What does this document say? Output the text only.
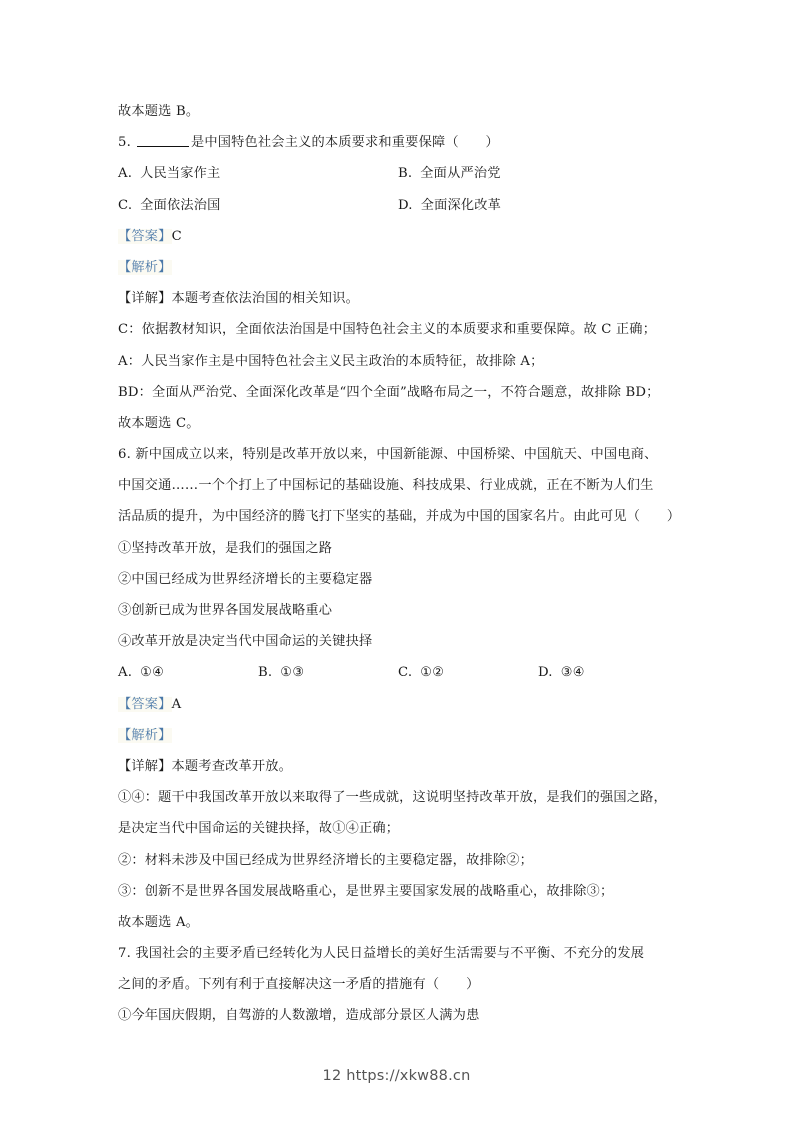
故本题选 B。
5.	是中国特色社会主义的本质要求和重要保障（　　）
A. 人民当家作主	B. 全面从严治党
C. 全面依法治国	D. 全面深化改革
【答案】C
【解析】
【详解】本题考查依法治国的相关知识。
C：依据教材知识，全面依法治国是中国特色社会主义的本质要求和重要保障。故 C 正确；
A：人民当家作主是中国特色社会主义民主政治的本质特征，故排除 A；
BD：全面从严治党、全面深化改革是“四个全面”战略布局之一，不符合题意，故排除 BD；
故本题选 C。
6. 新中国成立以来，特别是改革开放以来，中国新能源、中国桥梁、中国航天、中国电商、
中国交通……一个个打上了中国标记的基础设施、科技成果、行业成就，正在不断为人们生
活品质的提升，为中国经济的腾飞打下坚实的基础，并成为中国的国家名片。由此可见（　　）
①坚持改革开放，是我们的强国之路
②中国已经成为世界经济增长的主要稳定器
③创新已成为世界各国发展战略重心
④改革开放是决定当代中国命运的关键抉择
A. ①④	B. ①③	C. ①②	D. ③④
【答案】A
【解析】
【详解】本题考查改革开放。
①④：题干中我国改革开放以来取得了一些成就，这说明坚持改革开放，是我们的强国之路，
是决定当代中国命运的关键抉择，故①④正确；
②：材料未涉及中国已经成为世界经济增长的主要稳定器，故排除②；
③：创新不是世界各国发展战略重心，是世界主要国家发展的战略重心，故排除③；
故本题选 A。
7. 我国社会的主要矛盾已经转化为人民日益增长的美好生活需要与不平衡、不充分的发展
之间的矛盾。下列有利于直接解决这一矛盾的措施有（　　）
①今年国庆假期，自驾游的人数激增，造成部分景区人满为患
12 https://xkw88.cn
